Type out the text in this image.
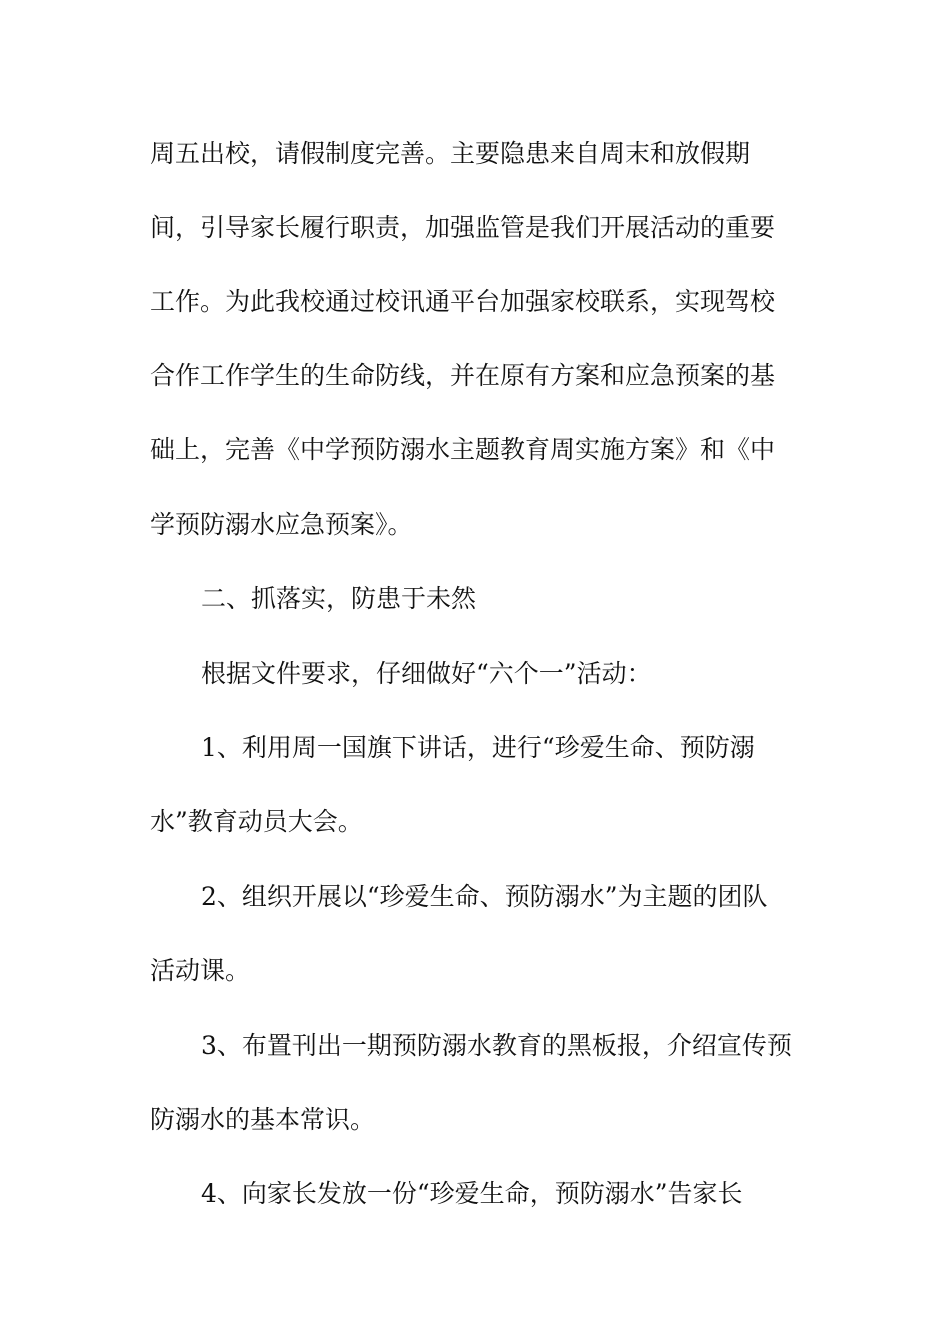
周五出校，请假制度完善。主要隐患来自周末和放假期
间，引导家长履行职责，加强监管是我们开展活动的重要
工作。为此我校通过校讯通平台加强家校联系，实现驾校
合作工作学生的生命防线，并在原有方案和应急预案的基
础上，完善《中学预防溺水主题教育周实施方案》和《中
学预防溺水应急预案》。
二、抓落实，防患于未然
根据文件要求，仔细做好“六个一”活动：
1、利用周一国旗下讲话，进行“珍爱生命、预防溺
水”教育动员大会。
2、组织开展以“珍爱生命、预防溺水”为主题的团队
活动课。
3、布置刊出一期预防溺水教育的黑板报，介绍宣传预
防溺水的基本常识。
4、向家长发放一份“珍爱生命，预防溺水”告家长
